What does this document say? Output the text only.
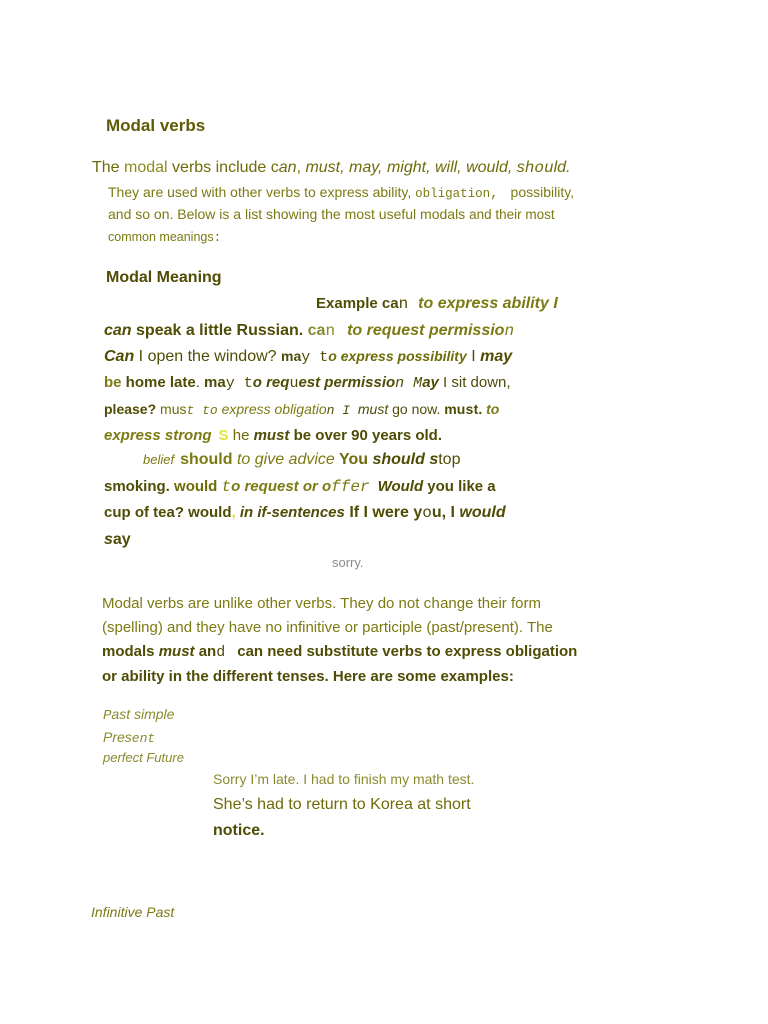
Modal verbs
The modal verbs include can, must, may, might, will, would, should.
They are used with other verbs to express ability, obligation, possibility,
and so on. Below is a list showing the most useful modals and their most
common meanings:
Modal Meaning
Example can to express ability I
can speak a little Russian. can to request permission
Can I open the window? may to express possibility I may
be home late. may to request permission May I sit down,
please? must to express obligation I must go now. must. to
express strong S he must be over 90 years old.
belief should to give advice You should stop
smoking. would to request or offer Would you like a
cup of tea? would, in if-sentences If I were you, I would
say
sorry.
Modal verbs are unlike other verbs. They do not change their form
(spelling) and they have no infinitive or participle (past/present). The
modals must and can need substitute verbs to express obligation
or ability in the different tenses. Here are some examples:
Past simple
Present
perfect Future
Sorry I’m late. I had to finish my math test.
She’s had to return to Korea at short
notice.
Infinitive Past
